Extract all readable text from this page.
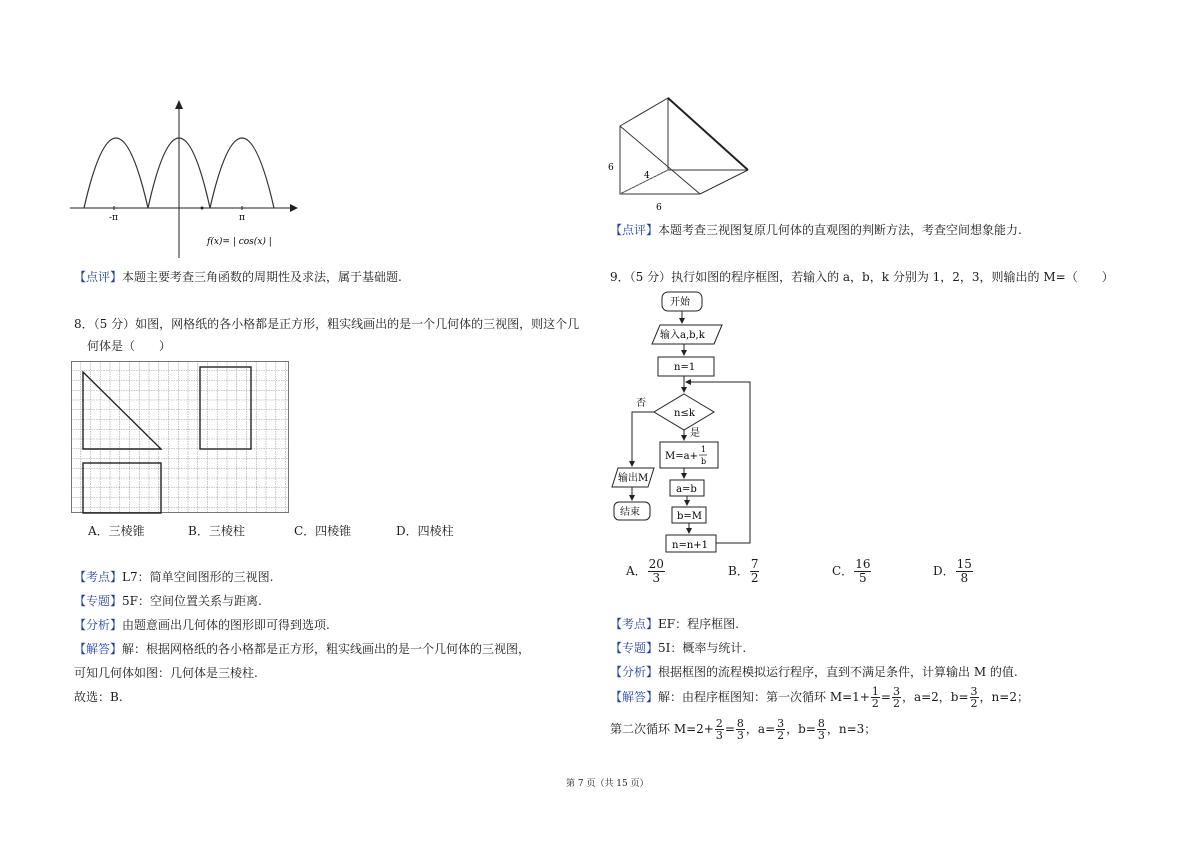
-π	π
f(x)= | cos(x) |
【点评】本题主要考查三角函数的周期性及求法，属于基础题.
8．（5 分）如图，网格纸的各小格都是正方形，粗实线画出的是一个几何体的三视图，则这个几
何体是（　　）
A．三棱锥	B．三棱柱	C．四棱锥	D．四棱柱
【考点】L7：简单空间图形的三视图.
【专题】5F：空间位置关系与距离.
【分析】由题意画出几何体的图形即可得到选项.
【解答】解：根据网格纸的各小格都是正方形，粗实线画出的是一个几何体的三视图，
可知几何体如图：几何体是三棱柱.
故选：B.
6
4
6
【点评】本题考查三视图复原几何体的直观图的判断方法，考查空间想象能力.
9．（5 分）执行如图的程序框图，若输入的 a，b，k 分别为 1，2，3，则输出的 M=（　　）
开始
输入a,b,k
n=1
n≤k
否
是
M=a+
1
b
a=b
b=M
n=n+1
输出M
结束
A． $\frac{20}{3}$	B． $\frac{7}{2}$	C． $\frac{16}{5}$	D． $\frac{15}{8}$
【考点】EF：程序框图.
【专题】5I：概率与统计.
【分析】根据框图的流程模拟运行程序，直到不满足条件，计算输出 M 的值.
【解答】解：由程序框图知：第一次循环 $M=1+ \frac{1}{2} = \frac{3}{2}$ ，a=2，$b= \frac{3}{2}$ ，n=2；
第二次循环 $M=2+ \frac{2}{3} = \frac{8}{3}$ ，$a= \frac{3}{2}$ ，$b= \frac{8}{3}$ ，n=3；
第 7 页（共 15 页）
